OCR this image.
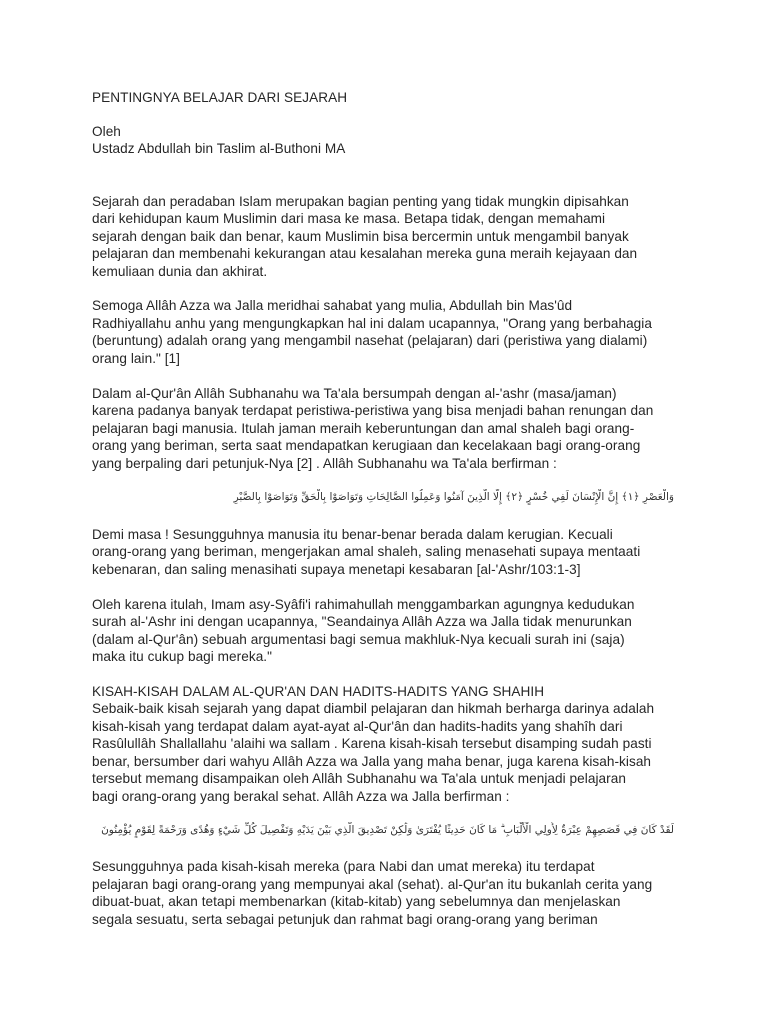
PENTINGNYA BELAJAR DARI SEJARAH
Oleh
Ustadz Abdullah bin Taslim al-Buthoni MA
Sejarah dan peradaban Islam merupakan bagian penting yang tidak mungkin dipisahkan
dari kehidupan kaum Muslimin dari masa ke masa. Betapa tidak, dengan memahami
sejarah dengan baik dan benar, kaum Muslimin bisa bercermin untuk mengambil banyak
pelajaran dan membenahi kekurangan atau kesalahan mereka guna meraih kejayaan dan
kemuliaan dunia dan akhirat.
Semoga Allâh Azza wa Jalla meridhai sahabat yang mulia, Abdullah bin Mas'ûd
Radhiyallahu anhu yang mengungkapkan hal ini dalam ucapannya, "Orang yang berbahagia
(beruntung) adalah orang yang mengambil nasehat (pelajaran) dari (peristiwa yang dialami)
orang lain." [1]
Dalam al-Qur'ân Allâh Subhanahu wa Ta'ala bersumpah dengan al-'ashr (masa/jaman)
karena padanya banyak terdapat peristiwa-peristiwa yang bisa menjadi bahan renungan dan
pelajaran bagi manusia. Itulah jaman meraih keberuntungan dan amal shaleh bagi orang-
orang yang beriman, serta saat mendapatkan kerugiaan dan kecelakaan bagi orang-orang
yang berpaling dari petunjuk-Nya [2] . Allâh Subhanahu wa Ta'ala berfirman :
وَالْعَصْرِ ﴿١﴾ إِنَّ الْإِنْسَانَ لَفِي خُسْرٍ ﴿٢﴾ إِلَّا الَّذِينَ آمَنُوا وَعَمِلُوا الصَّالِحَاتِ وَتَوَاصَوْا بِالْحَقِّ وَتَوَاصَوْا بِالصَّبْرِ
Demi masa ! Sesungguhnya manusia itu benar-benar berada dalam kerugian. Kecuali
orang-orang yang beriman, mengerjakan amal shaleh, saling menasehati supaya mentaati
kebenaran, dan saling menasihati supaya menetapi kesabaran [al-'Ashr/103:1-3]
Oleh karena itulah, Imam asy-Syâfi'i rahimahullah menggambarkan agungnya kedudukan
surah al-'Ashr ini dengan ucapannya, "Seandainya Allâh Azza wa Jalla tidak menurunkan
(dalam al-Qur'ân) sebuah argumentasi bagi semua makhluk-Nya kecuali surah ini (saja)
maka itu cukup bagi mereka."
KISAH-KISAH DALAM AL-QUR'AN DAN HADITS-HADITS YANG SHAHIH
Sebaik-baik kisah sejarah yang dapat diambil pelajaran dan hikmah berharga darinya adalah
kisah-kisah yang terdapat dalam ayat-ayat al-Qur'ân dan hadits-hadits yang shahîh dari
Rasûlullâh Shallallahu 'alaihi wa sallam . Karena kisah-kisah tersebut disamping sudah pasti
benar, bersumber dari wahyu Allâh Azza wa Jalla yang maha benar, juga karena kisah-kisah
tersebut memang disampaikan oleh Allâh Subhanahu wa Ta'ala untuk menjadi pelajaran
bagi orang-orang yang berakal sehat. Allâh Azza wa Jalla berfirman :
لَقَدْ كَانَ فِي قَصَصِهِمْ عِبْرَةٌ لِأُولِي الْأَلْبَابِ ۗ مَا كَانَ حَدِيثًا يُفْتَرَىٰ وَلَٰكِنْ تَصْدِيقَ الَّذِي بَيْنَ يَدَيْهِ وَتَفْصِيلَ كُلِّ شَيْءٍ وَهُدًى وَرَحْمَةً لِقَوْمٍ يُؤْمِنُونَ
Sesungguhnya pada kisah-kisah mereka (para Nabi dan umat mereka) itu terdapat
pelajaran bagi orang-orang yang mempunyai akal (sehat). al-Qur'an itu bukanlah cerita yang
dibuat-buat, akan tetapi membenarkan (kitab-kitab) yang sebelumnya dan menjelaskan
segala sesuatu, serta sebagai petunjuk dan rahmat bagi orang-orang yang beriman
